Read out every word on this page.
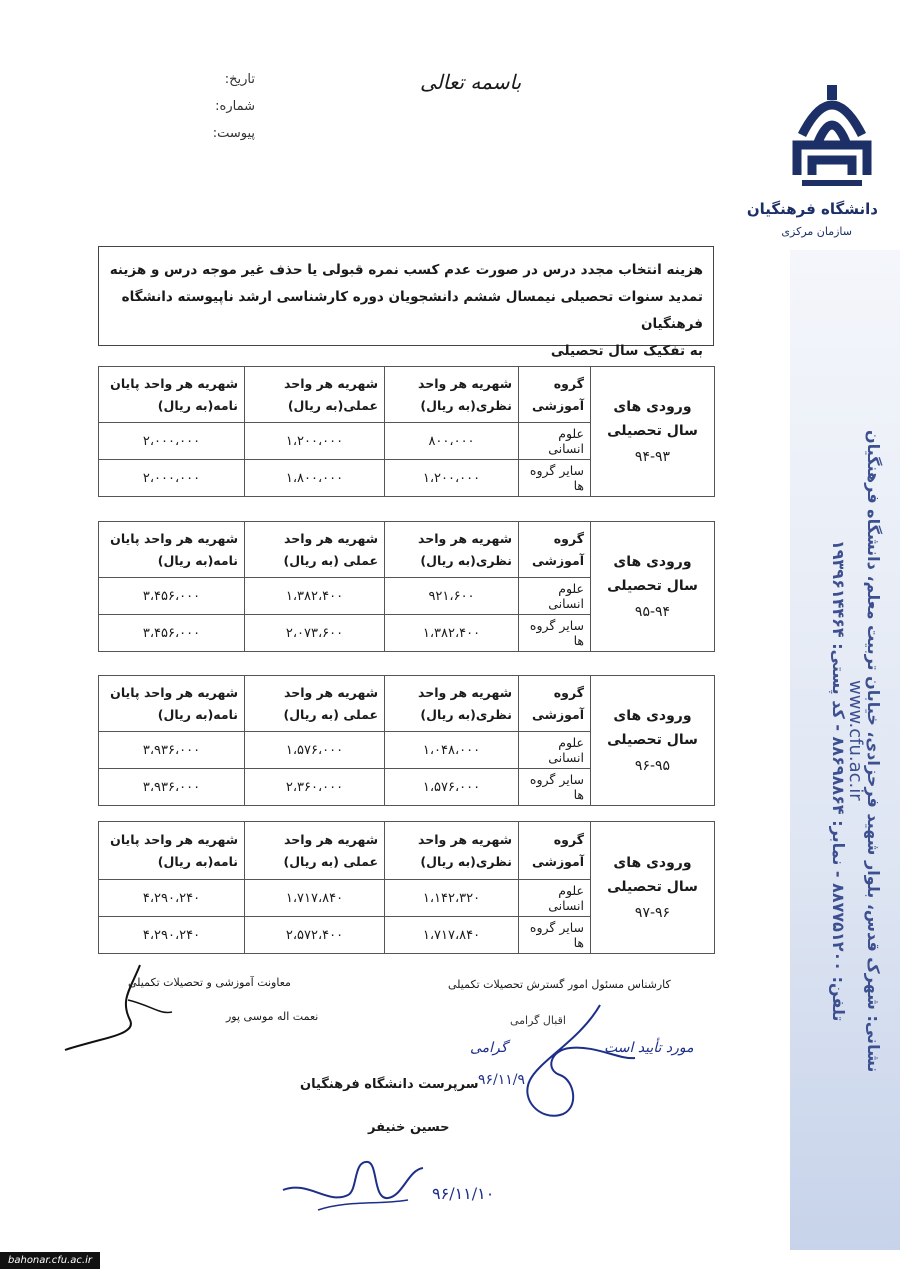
دانشگاه فرهنگیان
سازمان مرکزی
نشانی: شهرک قدس، بلوار شهید فرحزادی، خیابان تربیت معلم، دانشگاه فرهنگیان
تلفن: ۸۸۷۷۵۱۲۰۰ - نمابر: ۸۸۶۹۸۸۶۴ - کد پستی: ۱۹۳۹۶۱۴۴۶۴
www.cfu.ac.ir
تاریخ:
شماره:
پیوست:
باسمه تعالی
هزینه انتخاب مجدد درس در صورت عدم کسب نمره قبولی یا حذف غیر موجه درس و هزینه
تمدید سنوات تحصیلی نیمسال ششم دانشجویان دوره کارشناسی ارشد ناپیوسته دانشگاه فرهنگیان
به تفکیک سال تحصیلی
ورودی های سال تحصیلی
۹۴-۹۳	گروه آموزشی	شهریه هر واحد نظری(به ریال)	شهریه هر واحد عملی(به ریال)	شهریه هر واحد پایان نامه(به ریال)
	علوم انسانی	۸۰۰،۰۰۰	۱،۲۰۰،۰۰۰	۲،۰۰۰،۰۰۰
	سایر گروه ها	۱،۲۰۰،۰۰۰	۱،۸۰۰،۰۰۰	۲،۰۰۰،۰۰۰
ورودی های سال تحصیلی
۹۵-۹۴	گروه آموزشی	شهریه هر واحد نظری(به ریال)	شهریه هر واحد عملی (به ریال)	شهریه هر واحد پایان نامه(به ریال)
	علوم انسانی	۹۲۱،۶۰۰	۱،۳۸۲،۴۰۰	۳،۴۵۶،۰۰۰
	سایر گروه ها	۱،۳۸۲،۴۰۰	۲،۰۷۳،۶۰۰	۳،۴۵۶،۰۰۰
ورودی های سال تحصیلی
۹۶-۹۵	گروه آموزشی	شهریه هر واحد نظری(به ریال)	شهریه هر واحد عملی (به ریال)	شهریه هر واحد پایان نامه(به ریال)
	علوم انسانی	۱،۰۴۸،۰۰۰	۱،۵۷۶،۰۰۰	۳،۹۳۶،۰۰۰
	سایر گروه ها	۱،۵۷۶،۰۰۰	۲،۳۶۰،۰۰۰	۳،۹۳۶،۰۰۰
ورودی های سال تحصیلی
۹۷-۹۶	گروه آموزشی	شهریه هر واحد نظری(به ریال)	شهریه هر واحد عملی (به ریال)	شهریه هر واحد پایان نامه(به ریال)
	علوم انسانی	۱،۱۴۲،۳۲۰	۱،۷۱۷،۸۴۰	۴،۲۹۰،۲۴۰
	سایر گروه ها	۱،۷۱۷،۸۴۰	۲،۵۷۲،۴۰۰	۴،۲۹۰،۲۴۰
معاونت آموزشی و تحصیلات تکمیلی
نعمت اله موسی پور
کارشناس مسئول امور گسترش تحصیلات تکمیلی
اقبال گرامی
مورد تأیید است
گرامی
۹۶/۱۱/۹
سرپرست دانشگاه فرهنگیان
حسین خنیفر
۹۶/۱۱/۱۰
bahonar.cfu.ac.ir
